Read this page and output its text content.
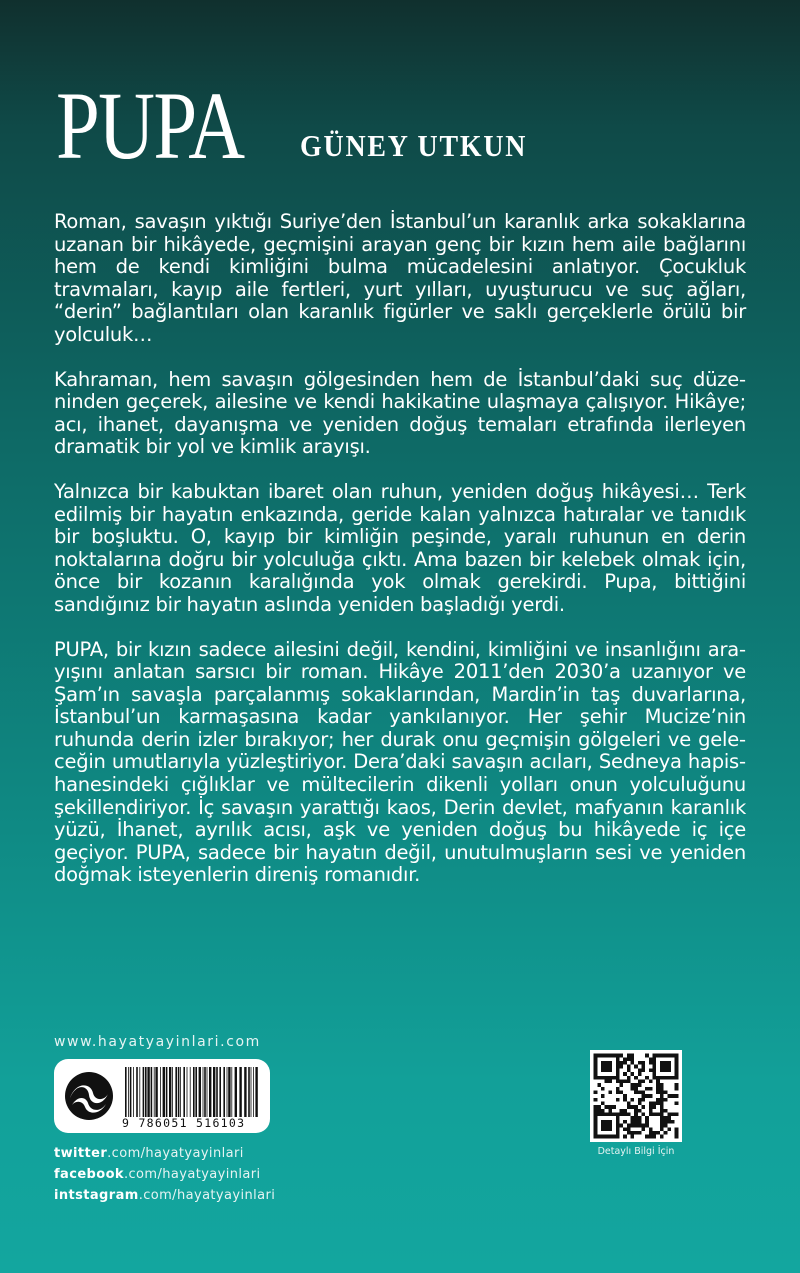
PUPA GÜNEY UTKUN

Roman, savaşın yıktığı Suriye’den İstanbul’un karanlık arka sokaklarına uzanan bir hikâyede, geçmişini arayan genç bir kızın hem aile bağlarını hem de kendi kimliğini bulma mücadelesini anlatıyor. Çocukluk travmaları, kayıp aile fertleri, yurt yılları, uyuşturucu ve suç ağları, “derin” bağlantıları olan karanlık figürler ve saklı gerçeklerle örülü bir yolculuk…

Kahraman, hem savaşın gölgesinden hem de İstanbul’daki suç düzeninden geçerek, ailesine ve kendi hakikatine ulaşmaya çalışıyor. Hikâye; acı, ihanet, dayanışma ve yeniden doğuş temaları etrafında ilerleyen dramatik bir yol ve kimlik arayışı.

Yalnızca bir kabuktan ibaret olan ruhun, yeniden doğuş hikâyesi… Terk edilmiş bir hayatın enkazında, geride kalan yalnızca hatıralar ve tanıdık bir boşluktu. O, kayıp bir kimliğin peşinde, yaralı ruhunun en derin noktalarına doğru bir yolculuğa çıktı. Ama bazen bir kelebek olmak için, önce bir kozanın karalığında yok olmak gerekirdi. Pupa, bittiğini sandığınız bir hayatın aslında yeniden başladığı yerdi.

PUPA, bir kızın sadece ailesini değil, kendini, kimliğini ve insanlığını arayışını anlatan sarsıcı bir roman. Hikâye 2011’den 2030’a uzanıyor ve Şam’ın savaşla parçalanmış sokaklarından, Mardin’in taş duvarlarına, İstanbul’un karmaşasına kadar yankılanıyor. Her şehir Mucize’nin ruhunda derin izler bırakıyor; her durak onu geçmişin gölgeleri ve geleceğin umutlarıyla yüzleştiriyor. Dera’daki savaşın acıları, Sedneya hapishanesindeki çığlıklar ve mültecilerin dikenli yolları onun yolculuğunu şekillendiriyor. İç savaşın yarattığı kaos, Derin devlet, mafyanın karanlık yüzü, İhanet, ayrılık acısı, aşk ve yeniden doğuş bu hikâyede iç içe geçiyor. PUPA, sadece bir hayatın değil, unutulmuşların sesi ve yeniden doğmak isteyenlerin direniş romanıdır.

www.hayatyayinlari.com
9 786051 516103
twitter.com/hayatyayinlari
facebook.com/hayatyayinlari
intstagram.com/hayatyayinlari
Detaylı Bilgi İçin
